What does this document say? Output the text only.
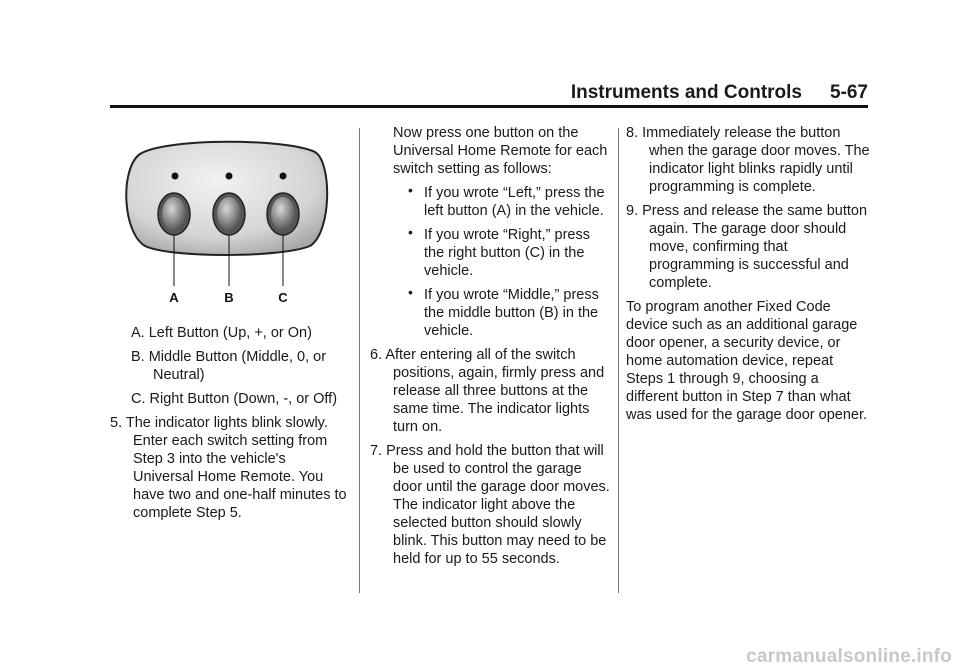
Instruments and Controls 5-67
A	B	C
A. Left Button (Up, +, or On)
B. Middle Button (Middle, 0, or Neutral)
C. Right Button (Down, -, or Off)
5. The indicator lights blink slowly. Enter each switch setting from Step 3 into the vehicle's Universal Home Remote. You have two and one-half minutes to complete Step 5.
Now press one button on the Universal Home Remote for each switch setting as follows:
• If you wrote “Left,” press the left button (A) in the vehicle.
• If you wrote “Right,” press the right button (C) in the vehicle.
• If you wrote “Middle,” press the middle button (B) in the vehicle.
6. After entering all of the switch positions, again, firmly press and release all three buttons at the same time. The indicator lights turn on.
7. Press and hold the button that will be used to control the garage door until the garage door moves. The indicator light above the selected button should slowly blink. This button may need to be held for up to 55 seconds.
8. Immediately release the button when the garage door moves. The indicator light blinks rapidly until programming is complete.
9. Press and release the same button again. The garage door should move, confirming that programming is successful and complete.
To program another Fixed Code device such as an additional garage door opener, a security device, or home automation device, repeat Steps 1 through 9, choosing a different button in Step 7 than what was used for the garage door opener.
carmanualsonline.info
